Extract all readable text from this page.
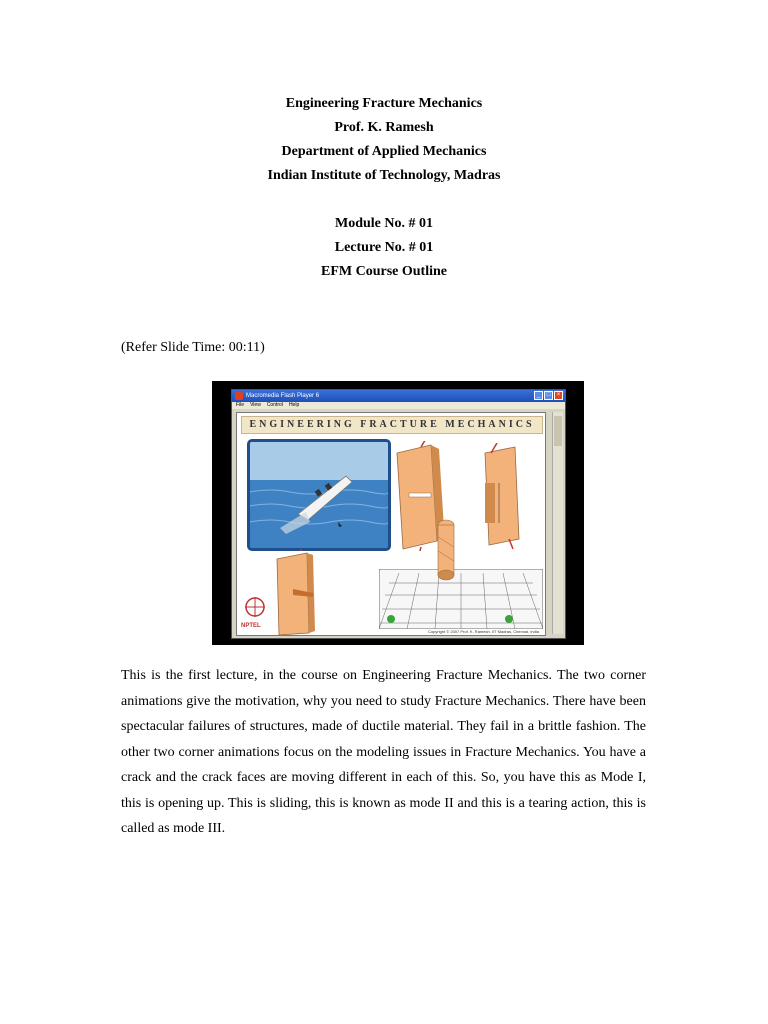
Engineering Fracture Mechanics
Prof. K. Ramesh
Department of Applied Mechanics
Indian Institute of Technology, Madras
Module No. # 01
Lecture No. # 01
EFM Course Outline
(Refer Slide Time: 00:11)
Macromedia Flash Player 6	_	□	×
File View Control Help
ENGINEERING FRACTURE MECHANICS
NPTEL
Copyright © 2007 Prof. K. Ramesh, IIT Madras, Chennai, India
This is the first lecture, in the course on Engineering Fracture Mechanics. The two corner animations give the motivation, why you need to study Fracture Mechanics. There have been spectacular failures of structures, made of ductile material. They fail in a brittle fashion. The other two corner animations focus on the modeling issues in Fracture Mechanics. You have a crack and the crack faces are moving different in each of this. So, you have this as Mode I, this is opening up. This is sliding, this is known as mode II and this is a tearing action, this is called as mode III.
